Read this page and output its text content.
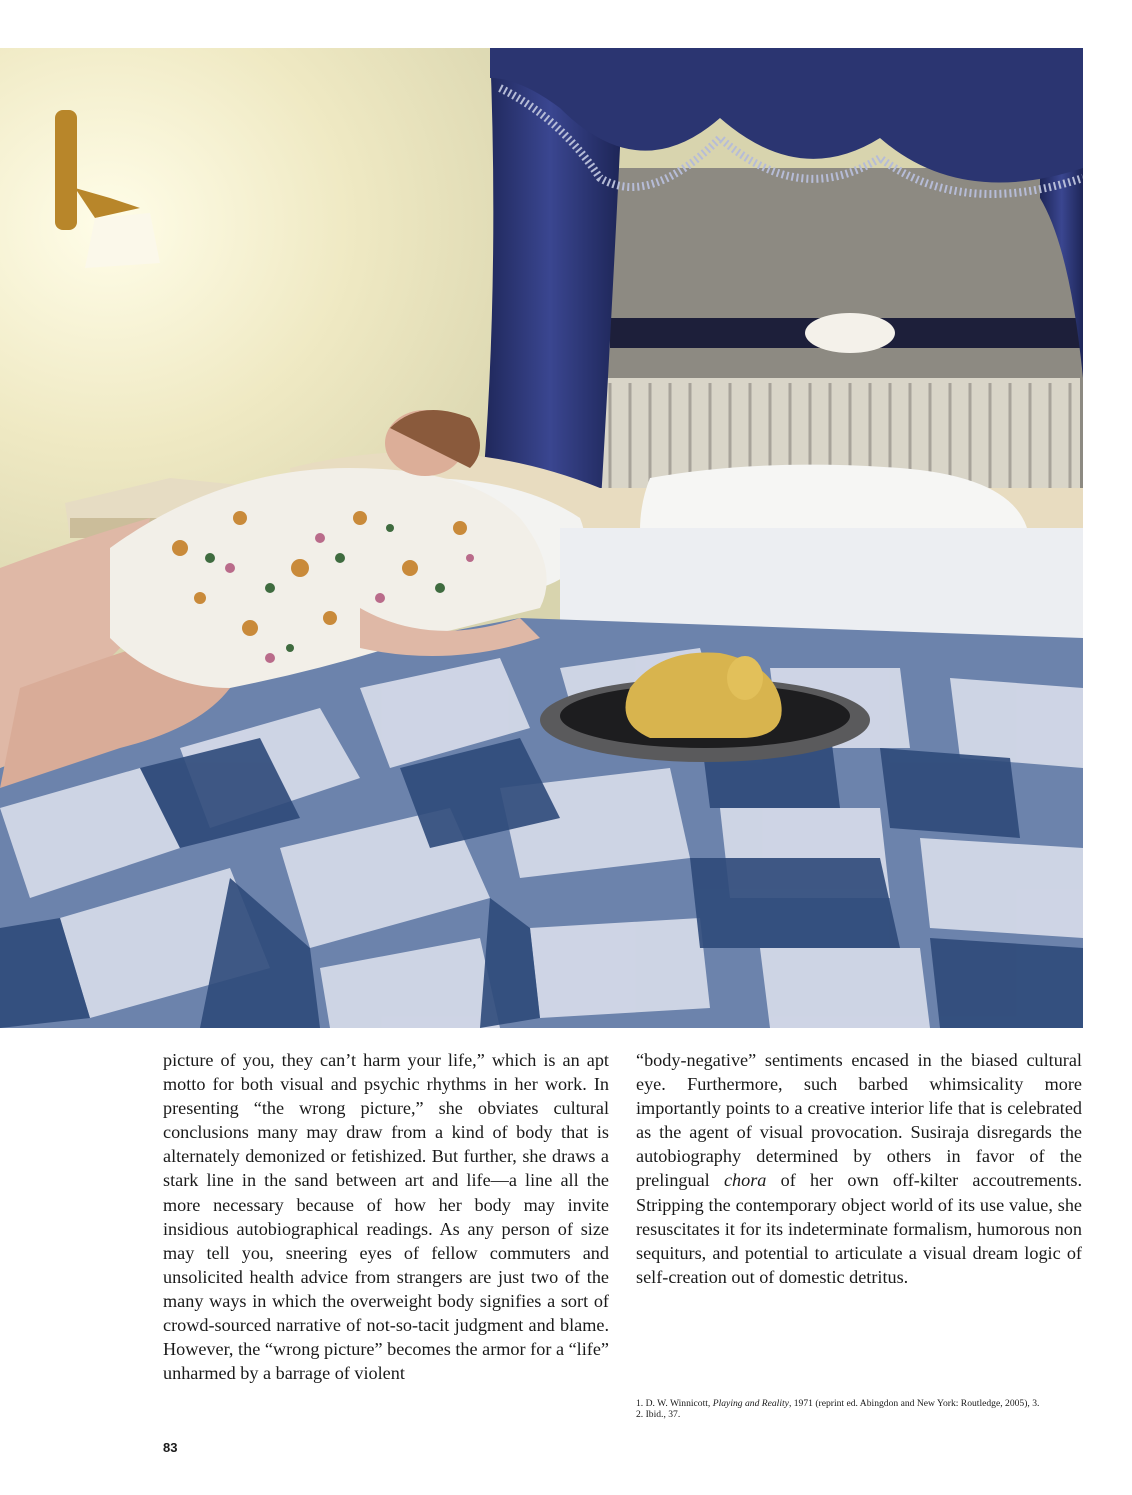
picture of you, they can’t harm your life,” which is an apt motto for both visual and psychic rhythms in her work. In presenting “the wrong picture,” she obviates cultural conclusions many may draw from a kind of body that is alternately demonized or fetishized. But further, she draws a stark line in the sand between art and life—a line all the more necessary because of how her body may invite insidious autobiographical readings. As any person of size may tell you, sneering eyes of fellow commuters and unsolicited health advice from strangers are just two of the many ways in which the overweight body signifies a sort of crowd-sourced narrative of not-so-tacit judgment and blame. However, the “wrong picture” becomes the armor for a “life” unharmed by a barrage of violent

“body-negative” sentiments encased in the biased cultural eye. Furthermore, such barbed whimsicality more importantly points to a creative interior life that is celebrated as the agent of visual provocation. Susiraja disregards the autobiography determined by others in favor of the prelingual chora of her own off-kilter accoutrements. Stripping the contemporary object world of its use value, she resuscitates it for its indeterminate formalism, humorous non sequiturs, and potential to articulate a visual dream logic of self-creation out of domestic detritus.

1. D. W. Winnicott, Playing and Reality, 1971 (reprint ed. Abingdon and New York: Routledge, 2005), 3.
2. Ibid., 37.
83
